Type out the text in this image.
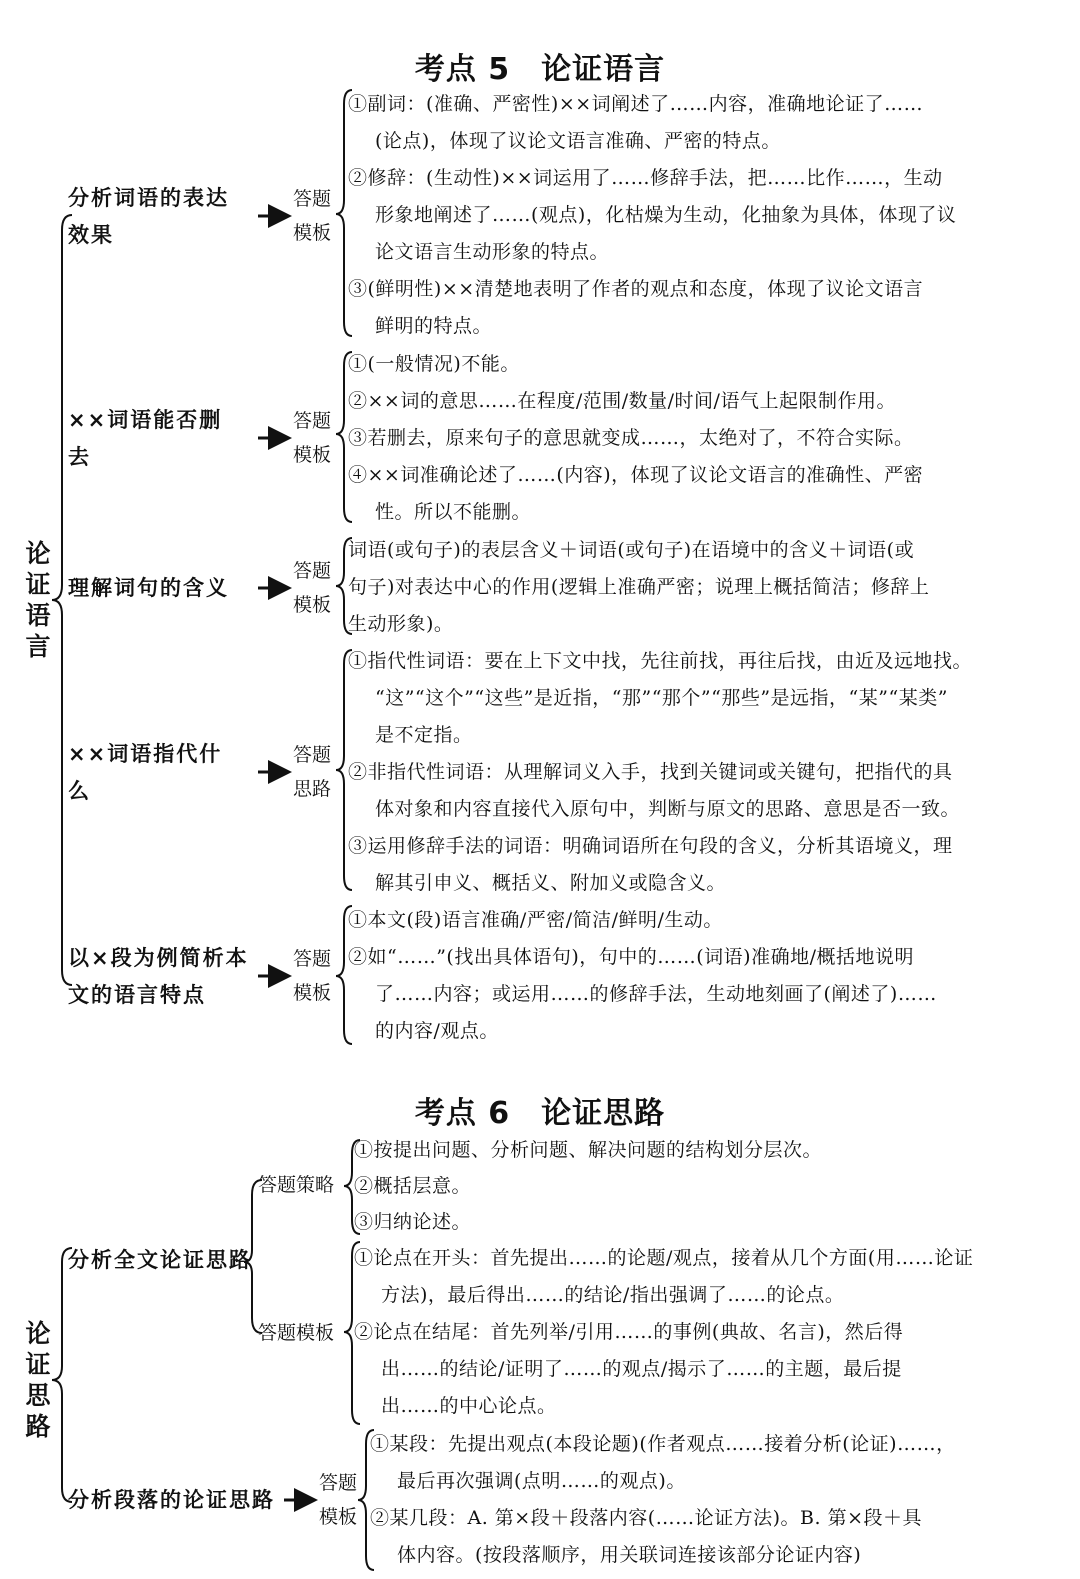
考点 5　论证语言
论
证
语
言
分析词语的表达
效果
答题
模板
①副词：(准确、严密性)××词阐述了……内容，准确地论证了……
(论点)，体现了议论文语言准确、严密的特点。
②修辞：(生动性)××词运用了……修辞手法，把……比作……，生动
形象地阐述了……(观点)，化枯燥为生动，化抽象为具体，体现了议
论文语言生动形象的特点。
③(鲜明性)××清楚地表明了作者的观点和态度，体现了议论文语言
鲜明的特点。
××词语能否删
去
答题
模板
①(一般情况)不能。
②××词的意思……在程度/范围/数量/时间/语气上起限制作用。
③若删去，原来句子的意思就变成……，太绝对了，不符合实际。
④××词准确论述了……(内容)，体现了议论文语言的准确性、严密
性。所以不能删。
理解词句的含义
答题
模板
词语(或句子)的表层含义＋词语(或句子)在语境中的含义＋词语(或
句子)对表达中心的作用(逻辑上准确严密；说理上概括简洁；修辞上
生动形象)。
××词语指代什
么
答题
思路
①指代性词语：要在上下文中找，先往前找，再往后找，由近及远地找。
“这”“这个”“这些”是近指，“那”“那个”“那些”是远指，“某”“某类”
是不定指。
②非指代性词语：从理解词义入手，找到关键词或关键句，把指代的具
体对象和内容直接代入原句中，判断与原文的思路、意思是否一致。
③运用修辞手法的词语：明确词语所在句段的含义，分析其语境义，理
解其引申义、概括义、附加义或隐含义。
以×段为例简析本
文的语言特点
答题
模板
①本文(段)语言准确/严密/简洁/鲜明/生动。
②如“……”(找出具体语句)，句中的……(词语)准确地/概括地说明
了……内容；或运用……的修辞手法，生动地刻画了(阐述了)……
的内容/观点。
考点 6　论证思路
论
证
思
路
分析全文论证思路
答题策略
①按提出问题、分析问题、解决问题的结构划分层次。
②概括层意。
③归纳论述。
答题模板
①论点在开头：首先提出……的论题/观点，接着从几个方面(用……论证
方法)，最后得出……的结论/指出强调了……的论点。
②论点在结尾：首先列举/引用……的事例(典故、名言)，然后得
出……的结论/证明了……的观点/揭示了……的主题，最后提
出……的中心论点。
分析段落的论证思路
答题
模板
①某段：先提出观点(本段论题)(作者观点……接着分析(论证)……，
最后再次强调(点明……的观点)。
②某几段：A. 第×段＋段落内容(……论证方法)。B. 第×段＋具
体内容。(按段落顺序，用关联词连接该部分论证内容)
